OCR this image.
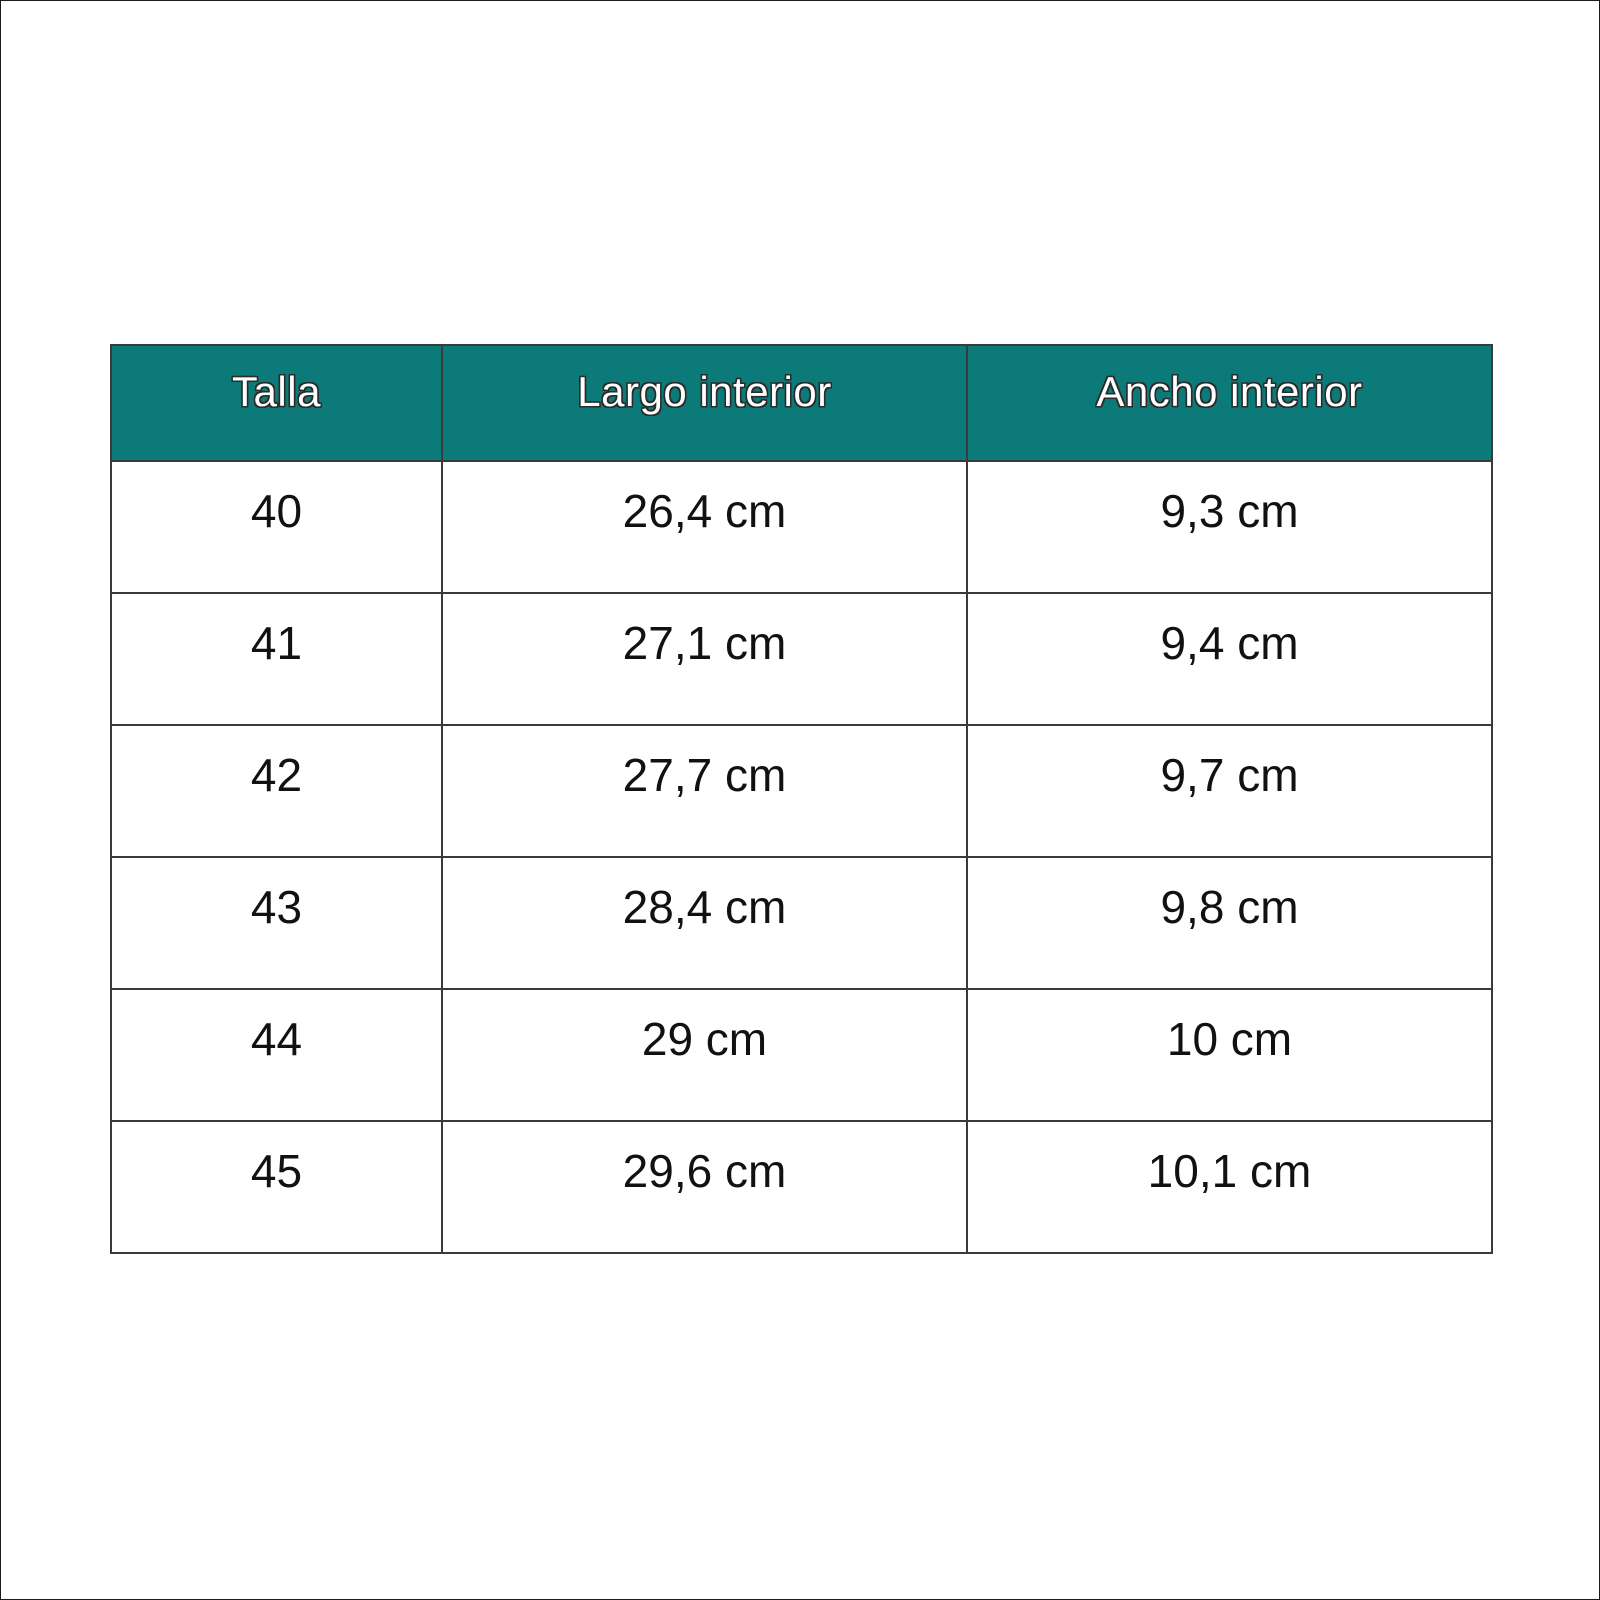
Talla	Largo interior	Ancho interior
40	26,4 cm	9,3 cm
41	27,1 cm	9,4 cm
42	27,7 cm	9,7 cm
43	28,4 cm	9,8 cm
44	29 cm	10 cm
45	29,6 cm	10,1 cm
